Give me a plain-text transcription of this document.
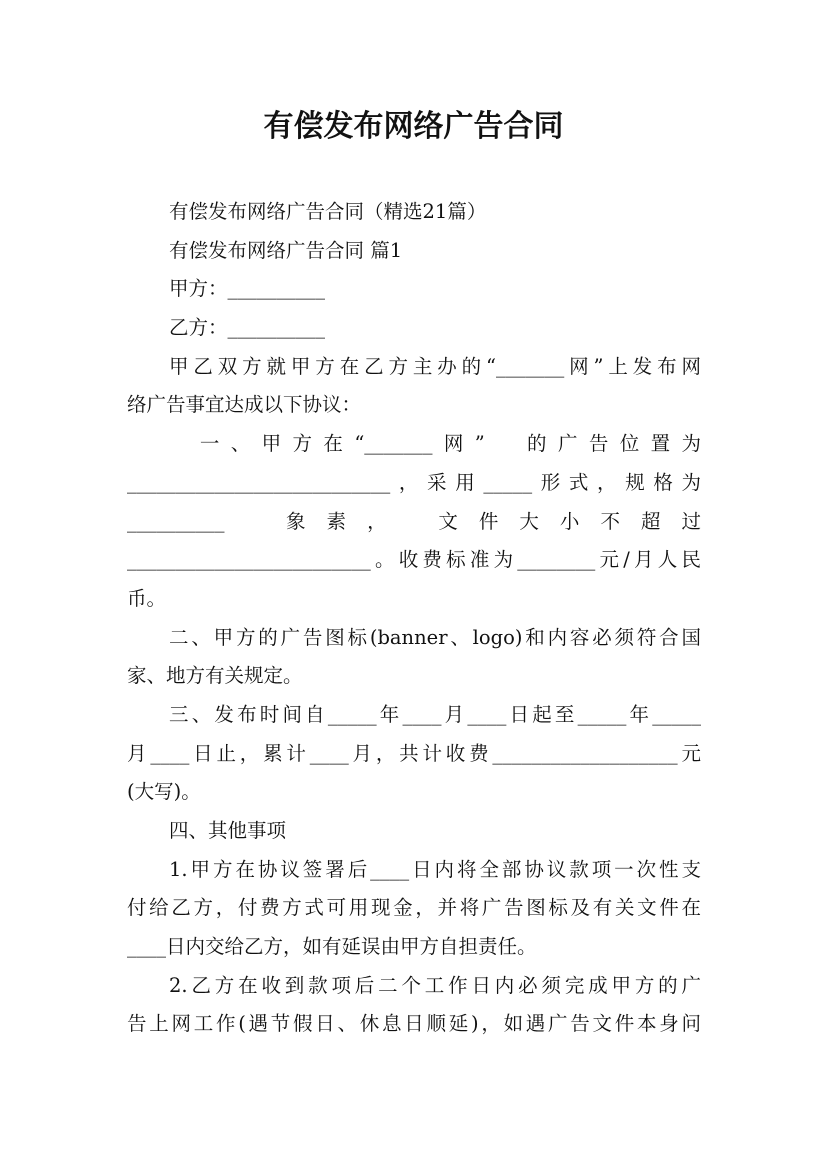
有偿发布网络广告合同
有偿发布网络广告合同（精选21篇）
有偿发布网络广告合同 篇1
甲方：__________
乙方：__________
甲乙双方就甲方在乙方主办的“_______网”上发布网
络广告事宜达成以下协议：
　一、甲方在“_______网”　的广告位置为
___________________________，采用_____形式，规格为
__________　象素，　文件大小不超过
_________________________。收费标准为________元/月人民
币。
二、甲方的广告图标(banner、logo)和内容必须符合国
家、地方有关规定。
三、发布时间自_____年____月____日起至_____年_____
月____日止，累计____月，共计收费___________________元
(大写)。
四、其他事项
1.甲方在协议签署后____日内将全部协议款项一次性支
付给乙方，付费方式可用现金，并将广告图标及有关文件在
____日内交给乙方，如有延误由甲方自担责任。
2.乙方在收到款项后二个工作日内必须完成甲方的广
告上网工作(遇节假日、休息日顺延)，如遇广告文件本身问
